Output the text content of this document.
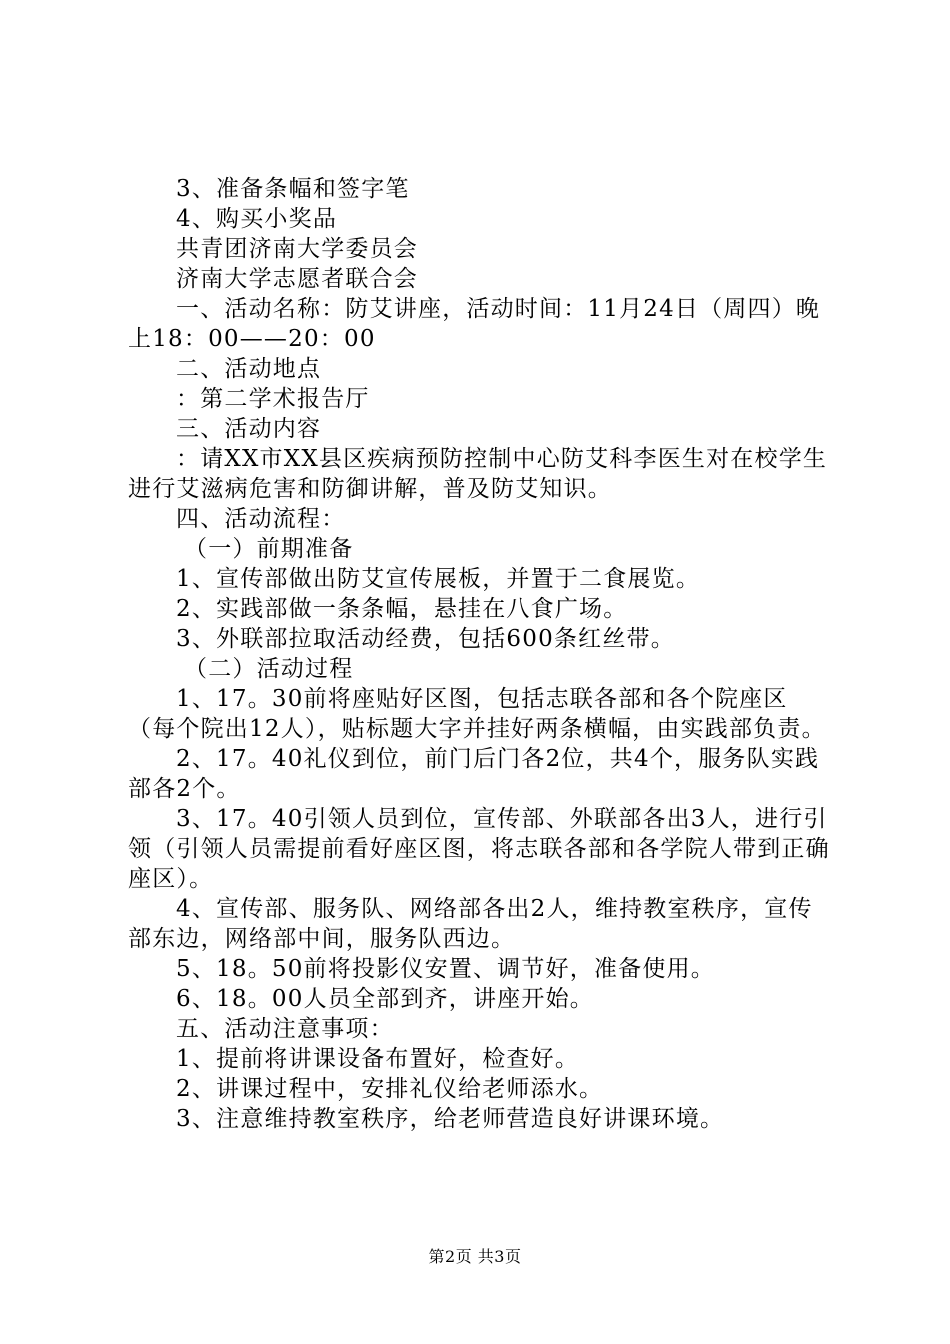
3、准备条幅和签字笔

4、购买小奖品

共青团济南大学委员会

济南大学志愿者联合会

一、活动名称：防艾讲座，活动时间：11月24日（周四）晚上18：00——20：00

二、活动地点

：第二学术报告厅

三、活动内容

：请XX市XX县区疾病预防控制中心防艾科李医生对在校学生进行艾滋病危害和防御讲解，普及防艾知识。

四、活动流程：

（一）前期准备

1、宣传部做出防艾宣传展板，并置于二食展览。

2、实践部做一条条幅，悬挂在八食广场。

3、外联部拉取活动经费，包括600条红丝带。

（二）活动过程

1、17。30前将座贴好区图，包括志联各部和各个院座区（每个院出12人），贴标题大字并挂好两条横幅，由实践部负责。

2、17。40礼仪到位，前门后门各2位，共4个，服务队实践部各2个。

3、17。40引领人员到位，宣传部、外联部各出3人，进行引领（引领人员需提前看好座区图，将志联各部和各学院人带到正确座区）。

4、宣传部、服务队、网络部各出2人，维持教室秩序，宣传部东边，网络部中间，服务队西边。

5、18。50前将投影仪安置、调节好，准备使用。

6、18。00人员全部到齐，讲座开始。

五、活动注意事项：

1、提前将讲课设备布置好，检查好。

2、讲课过程中，安排礼仪给老师添水。

3、注意维持教室秩序，给老师营造良好讲课环境。

第2页 共3页
